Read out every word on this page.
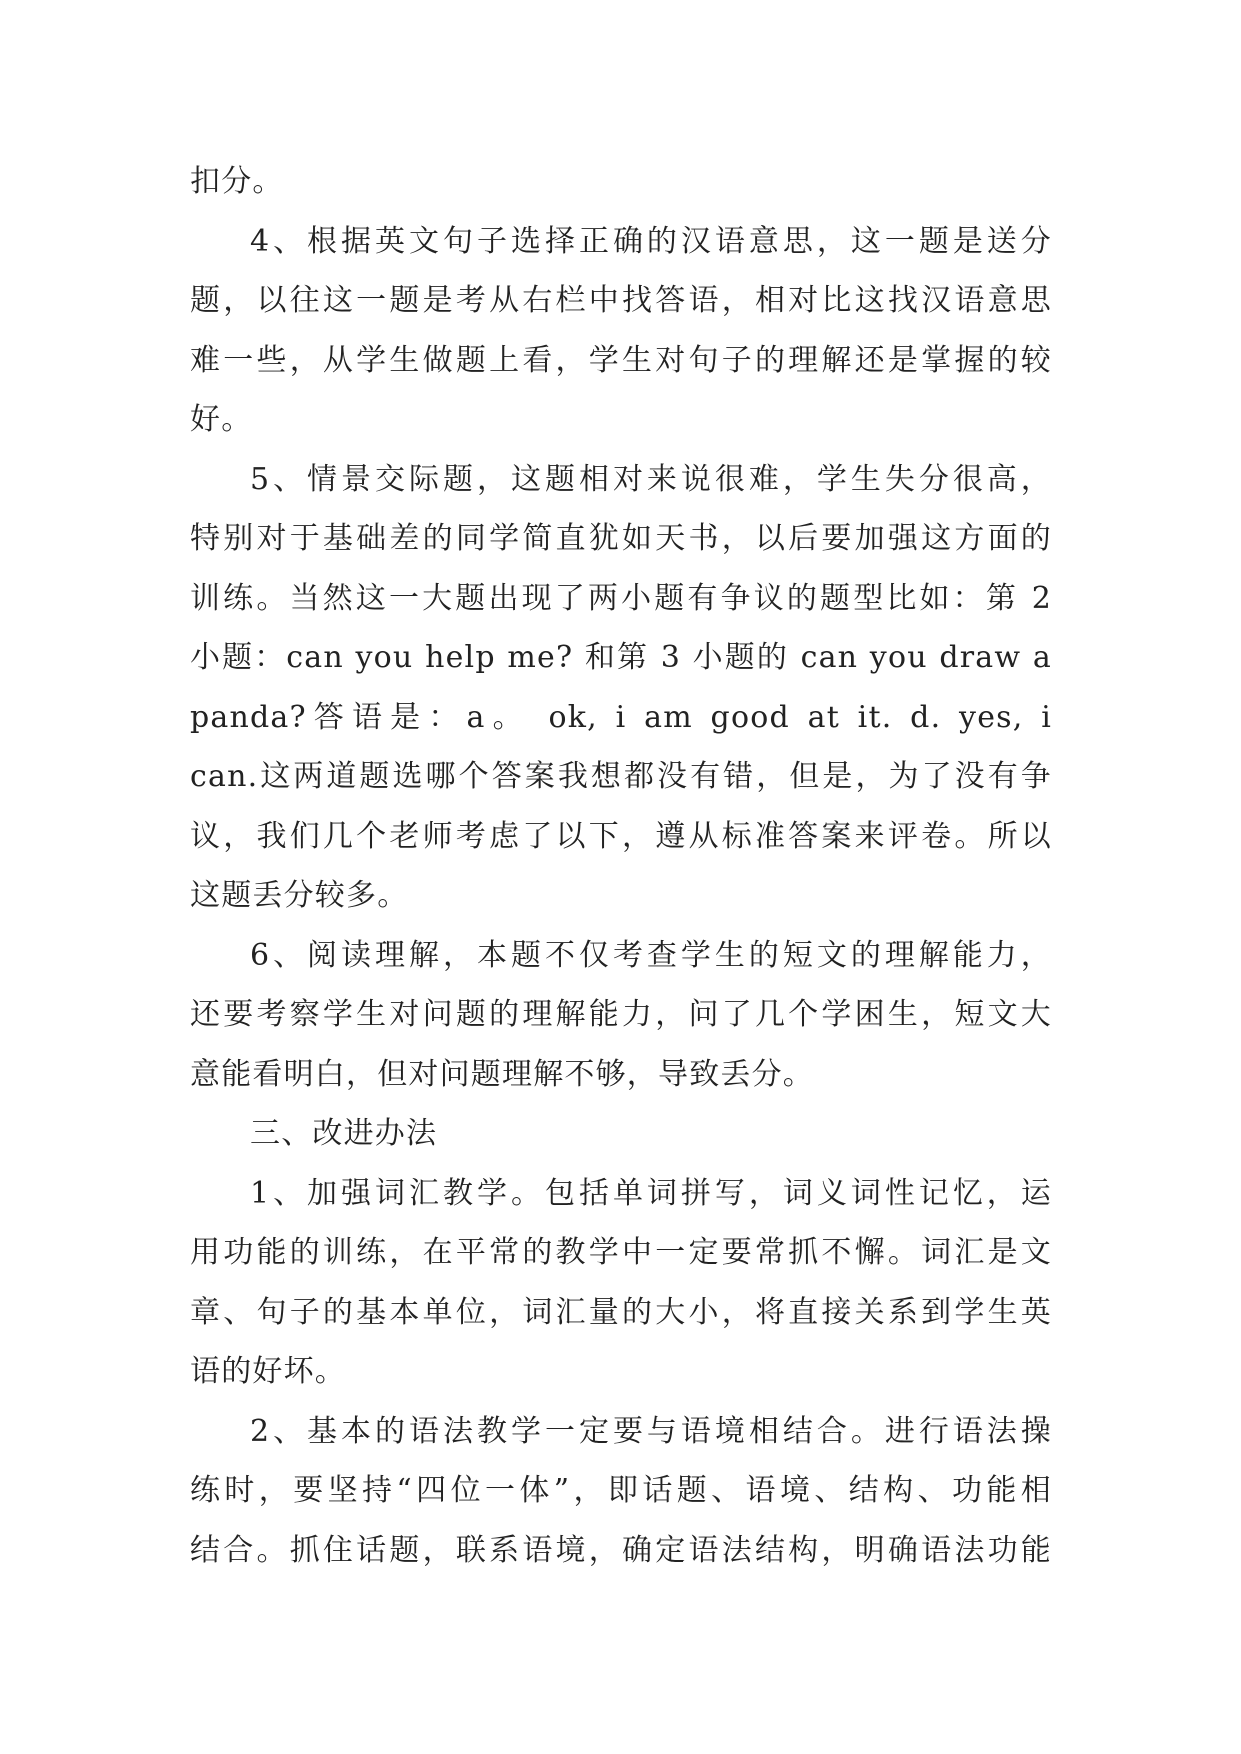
扣分。
4、根据英文句子选择正确的汉语意思，这一题是送分
题，以往这一题是考从右栏中找答语，相对比这找汉语意思
难一些，从学生做题上看，学生对句子的理解还是掌握的较
好。
5、情景交际题，这题相对来说很难，学生失分很高，
特别对于基础差的同学简直犹如天书，以后要加强这方面的
训练。当然这一大题出现了两小题有争议的题型比如：第 2
小题：can you help me? 和第 3 小题的 can you draw a
panda?答语是：a。 ok, i am good at it. d. yes, i
can.这两道题选哪个答案我想都没有错，但是，为了没有争
议，我们几个老师考虑了以下，遵从标准答案来评卷。所以
这题丢分较多。
6、阅读理解，本题不仅考查学生的短文的理解能力，
还要考察学生对问题的理解能力，问了几个学困生，短文大
意能看明白，但对问题理解不够，导致丢分。
三、改进办法
1、加强词汇教学。包括单词拼写，词义词性记忆，运
用功能的训练，在平常的教学中一定要常抓不懈。词汇是文
章、句子的基本单位，词汇量的大小，将直接关系到学生英
语的好坏。
2、基本的语法教学一定要与语境相结合。进行语法操
练时，要坚持“四位一体”，即话题、语境、结构、功能相
结合。抓住话题，联系语境，确定语法结构，明确语法功能
